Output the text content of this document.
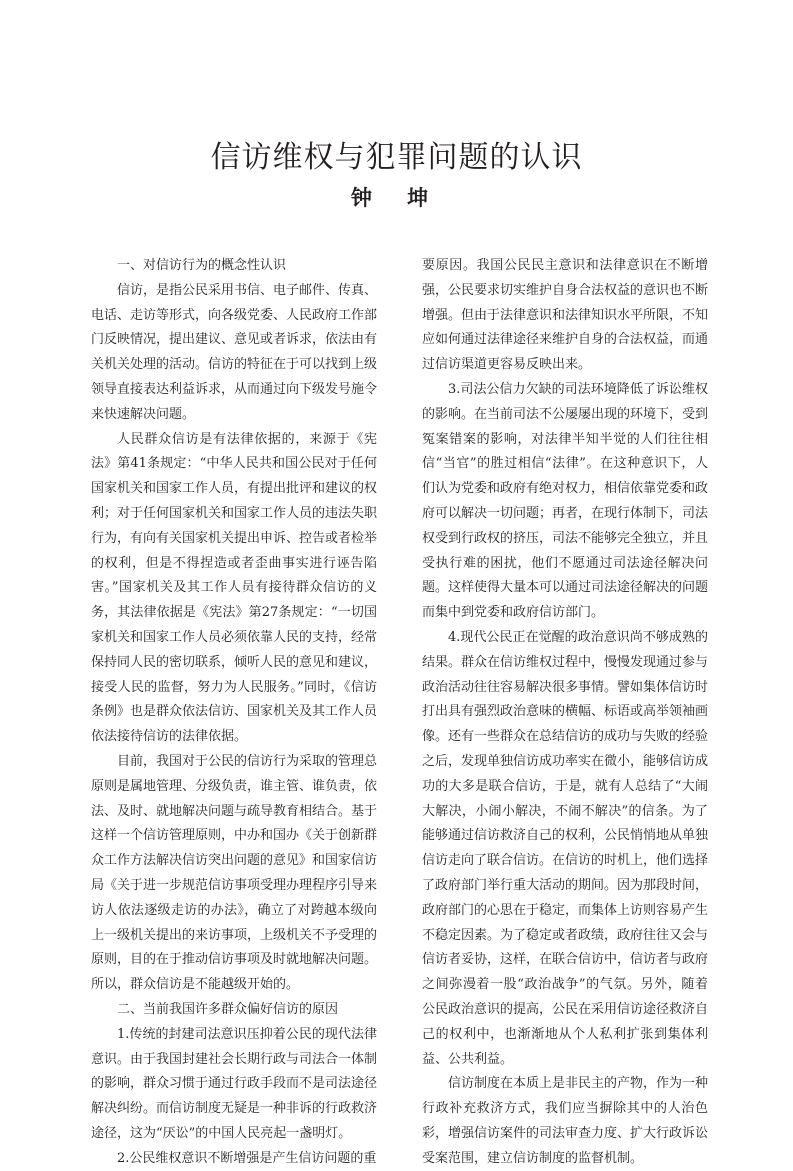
信访维权与犯罪问题的认识
钟 坤

一、对信访行为的概念性认识

信访，是指公民采用书信、电子邮件、传真、电话、走访等形式，向各级党委、人民政府工作部门反映情况，提出建议、意见或者诉求，依法由有关机关处理的活动。信访的特征在于可以找到上级领导直接表达利益诉求，从而通过向下级发号施令来快速解决问题。

人民群众信访是有法律依据的，来源于《宪法》第41条规定：“中华人民共和国公民对于任何国家机关和国家工作人员，有提出批评和建议的权利；对于任何国家机关和国家工作人员的违法失职行为，有向有关国家机关提出申诉、控告或者检举的权利，但是不得捏造或者歪曲事实进行诬告陷害。”国家机关及其工作人员有接待群众信访的义务，其法律依据是《宪法》第27条规定：“一切国家机关和国家工作人员必须依靠人民的支持，经常保持同人民的密切联系，倾听人民的意见和建议，接受人民的监督，努力为人民服务。”同时，《信访条例》也是群众依法信访、国家机关及其工作人员依法接待信访的法律依据。

目前，我国对于公民的信访行为采取的管理总原则是属地管理、分级负责，谁主管、谁负责，依法、及时、就地解决问题与疏导教育相结合。基于这样一个信访管理原则，中办和国办《关于创新群众工作方法解决信访突出问题的意见》和国家信访局《关于进一步规范信访事项受理办理程序引导来访人依法逐级走访的办法》，确立了对跨越本级向上一级机关提出的来访事项，上级机关不予受理的原则，目的在于推动信访事项及时就地解决问题。所以，群众信访是不能越级开始的。

二、当前我国许多群众偏好信访的原因

1.传统的封建司法意识压抑着公民的现代法律意识。由于我国封建社会长期行政与司法合一体制的影响，群众习惯于通过行政手段而不是司法途径解决纠纷。而信访制度无疑是一种非诉的行政救济途径，这为“厌讼”的中国人民亮起一盏明灯。

2.公民维权意识不断增强是产生信访问题的重

要原因。我国公民民主意识和法律意识在不断增强，公民要求切实维护自身合法权益的意识也不断增强。但由于法律意识和法律知识水平所限，不知应如何通过法律途径来维护自身的合法权益，而通过信访渠道更容易反映出来。

3.司法公信力欠缺的司法环境降低了诉讼维权的影响。在当前司法不公屡屡出现的环境下，受到冤案错案的影响，对法律半知半觉的人们往往相信“当官”的胜过相信“法律”。在这种意识下，人们认为党委和政府有绝对权力，相信依靠党委和政府可以解决一切问题；再者，在现行体制下，司法权受到行政权的挤压，司法不能够完全独立，并且受执行难的困扰，他们不愿通过司法途径解决问题。这样使得大量本可以通过司法途径解决的问题而集中到党委和政府信访部门。

4.现代公民正在觉醒的政治意识尚不够成熟的结果。群众在信访维权过程中，慢慢发现通过参与政治活动往往容易解决很多事情。譬如集体信访时打出具有强烈政治意味的横幅、标语或高举领袖画像。还有一些群众在总结信访的成功与失败的经验之后，发现单独信访成功率实在微小，能够信访成功的大多是联合信访，于是，就有人总结了“大闹大解决，小闹小解决，不闹不解决”的信条。为了能够通过信访救济自己的权利，公民悄悄地从单独信访走向了联合信访。在信访的时机上，他们选择了政府部门举行重大活动的期间。因为那段时间，政府部门的心思在于稳定，而集体上访则容易产生不稳定因素。为了稳定或者政绩，政府往往又会与信访者妥协，这样，在联合信访中，信访者与政府之间弥漫着一股“政治战争”的气氛。另外，随着公民政治意识的提高，公民在采用信访途径救济自己的权利中，也渐渐地从个人私利扩张到集体利益、公共利益。

信访制度在本质上是非民主的产物，作为一种行政补充救济方式，我们应当摒除其中的人治色彩，增强信访案件的司法审查力度、扩大行政诉讼受案范围，建立信访制度的监督机制。
